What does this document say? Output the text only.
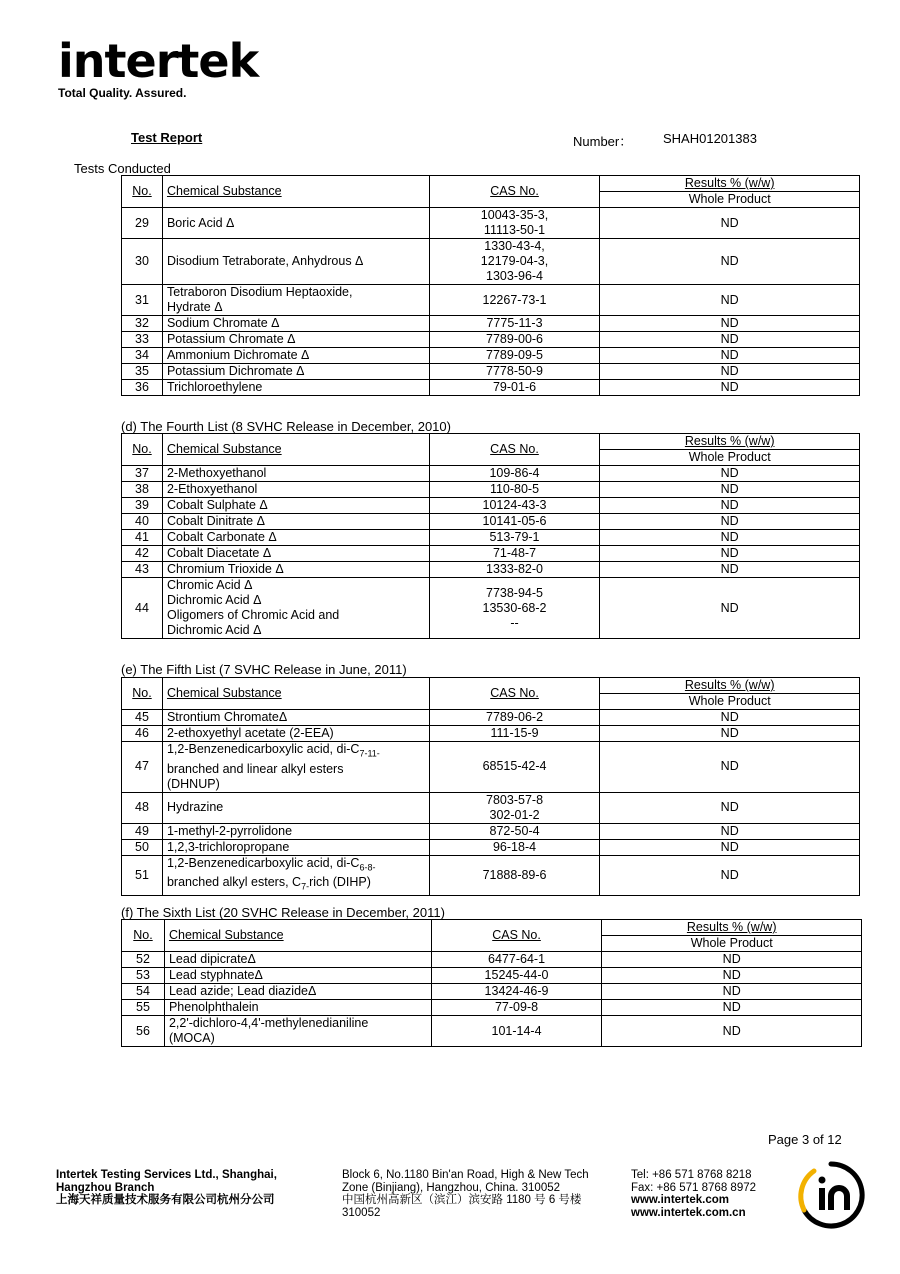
intertek
Total Quality. Assured.
Test Report	Number： SHAH01201383
Tests Conducted
No.	Chemical Substance	CAS No.	Results % (w/w)
			Whole Product
29	Boric Acid Δ	10043-35-3,
11113-50-1	ND
30	Disodium Tetraborate, Anhydrous Δ	1330-43-4,
12179-04-3,
1303-96-4	ND
31	Tetraboron Disodium Heptaoxide,
Hydrate Δ	12267-73-1	ND
32	Sodium Chromate Δ	7775-11-3	ND
33	Potassium Chromate Δ	7789-00-6	ND
34	Ammonium Dichromate Δ	7789-09-5	ND
35	Potassium Dichromate Δ	7778-50-9	ND
36	Trichloroethylene	79-01-6	ND
(d) The Fourth List (8 SVHC Release in December, 2010)
No.	Chemical Substance	CAS No.	Results % (w/w)
			Whole Product
37	2-Methoxyethanol	109-86-4	ND
38	2-Ethoxyethanol	110-80-5	ND
39	Cobalt Sulphate Δ	10124-43-3	ND
40	Cobalt Dinitrate Δ	10141-05-6	ND
41	Cobalt Carbonate Δ	513-79-1	ND
42	Cobalt Diacetate Δ	71-48-7	ND
43	Chromium Trioxide Δ	1333-82-0	ND
44	Chromic Acid Δ
Dichromic Acid Δ
Oligomers of Chromic Acid and
Dichromic Acid Δ	7738-94-5
13530-68-2
--	ND
(e) The Fifth List (7 SVHC Release in June, 2011)
No.	Chemical Substance	CAS No.	Results % (w/w)
			Whole Product
45	Strontium ChromateΔ	7789-06-2	ND
46	2-ethoxyethyl acetate (2-EEA)	111-15-9	ND
47	1,2-Benzenedicarboxylic acid, $di-C_{7-11-}$
branched and linear alkyl esters
(DHNUP)	68515-42-4	ND
48	Hydrazine	7803-57-8
302-01-2	ND
49	1-methyl-2-pyrrolidone	872-50-4	ND
50	1,2,3-trichloropropane	96-18-4	ND
51	1,2-Benzenedicarboxylic acid, $di-C_{6-8-}$
branched alkyl esters, $C_{7-}rich$ (DIHP)	71888-89-6	ND
(f) The Sixth List (20 SVHC Release in December, 2011)
No.	Chemical Substance	CAS No.	Results % (w/w)
			Whole Product
52	Lead dipicrateΔ	6477-64-1	ND
53	Lead styphnateΔ	15245-44-0	ND
54	Lead azide; Lead diazideΔ	13424-46-9	ND
55	Phenolphthalein	77-09-8	ND
56	2,2'-dichloro-4,4'-methylenedianiline
(MOCA)	101-14-4	ND
Page 3 of 12
Intertek Testing Services Ltd., Shanghai,
Hangzhou Branch
上海天祥质量技术服务有限公司杭州分公司
Block 6, No.1180 Bin'an Road, High & New Tech
Zone (Binjiang), Hangzhou, China. 310052
中国杭州高新区（滨江）滨安路 1180 号 6 号楼
310052
Tel: +86 571 8768 8218
Fax: +86 571 8768 8972
www.intertek.com
www.intertek.com.cn
